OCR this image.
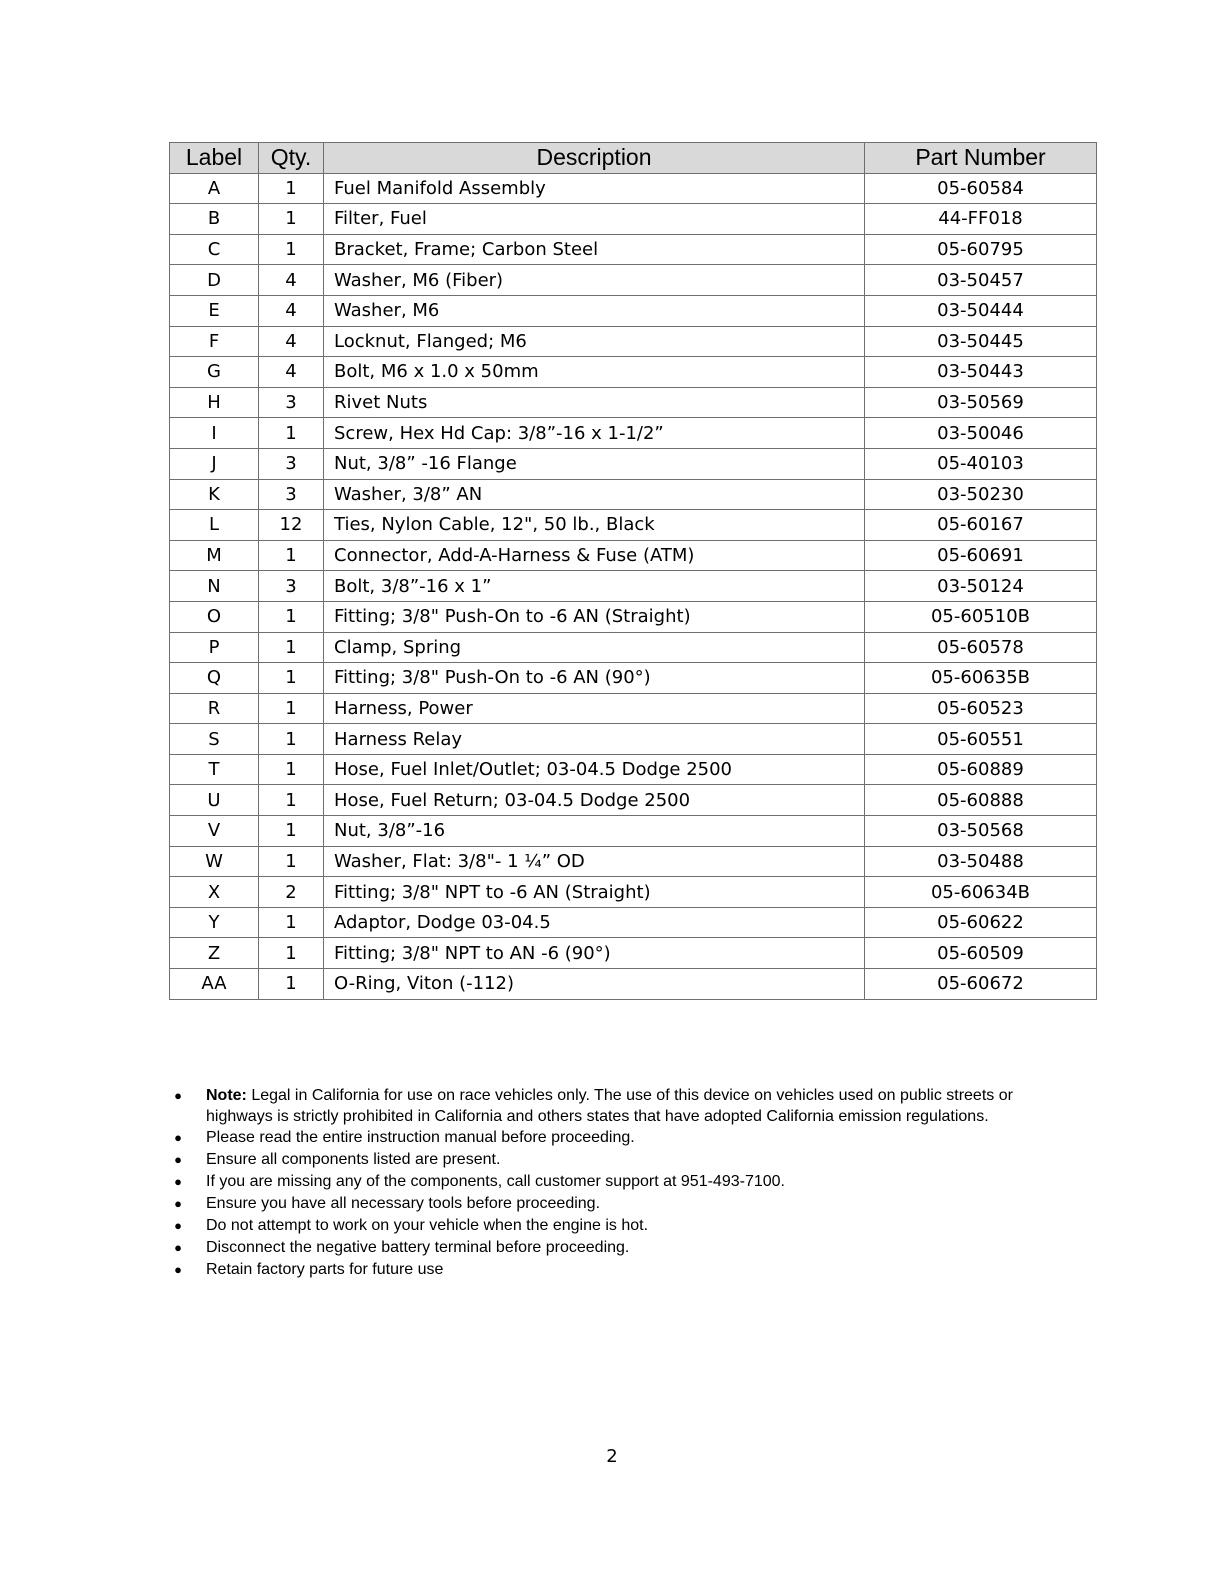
Label	Qty.	Description	Part Number
A	1	Fuel Manifold Assembly	05-60584
B	1	Filter, Fuel	44-FF018
C	1	Bracket, Frame; Carbon Steel	05-60795
D	4	Washer, M6 (Fiber)	03-50457
E	4	Washer, M6	03-50444
F	4	Locknut, Flanged; M6	03-50445
G	4	Bolt, M6 x 1.0 x 50mm	03-50443
H	3	Rivet Nuts	03-50569
I	1	Screw, Hex Hd Cap: 3/8”-16 x 1-1/2”	03-50046
J	3	Nut, 3/8” -16 Flange	05-40103
K	3	Washer, 3/8” AN	03-50230
L	12	Ties, Nylon Cable, 12", 50 lb., Black	05-60167
M	1	Connector, Add-A-Harness & Fuse (ATM)	05-60691
N	3	Bolt, 3/8”-16 x 1”	03-50124
O	1	Fitting; 3/8" Push-On to -6 AN (Straight)	05-60510B
P	1	Clamp, Spring	05-60578
Q	1	Fitting; 3/8" Push-On to -6 AN (90°)	05-60635B
R	1	Harness, Power	05-60523
S	1	Harness Relay	05-60551
T	1	Hose, Fuel Inlet/Outlet; 03-04.5 Dodge 2500	05-60889
U	1	Hose, Fuel Return; 03-04.5 Dodge 2500	05-60888
V	1	Nut, 3/8”-16	03-50568
W	1	Washer, Flat: 3/8"- 1 ¼” OD	03-50488
X	2	Fitting; 3/8" NPT to -6 AN (Straight)	05-60634B
Y	1	Adaptor, Dodge 03-04.5	05-60622
Z	1	Fitting; 3/8" NPT to AN -6 (90°)	05-60509
AA	1	O-Ring, Viton (-112)	05-60672
● Note: Legal in California for use on race vehicles only. The use of this device on vehicles used on public streets or highways is strictly prohibited in California and others states that have adopted California emission regulations.
● Please read the entire instruction manual before proceeding.
● Ensure all components listed are present.
● If you are missing any of the components, call customer support at 951-493-7100.
● Ensure you have all necessary tools before proceeding.
● Do not attempt to work on your vehicle when the engine is hot.
● Disconnect the negative battery terminal before proceeding.
● Retain factory parts for future use
2
